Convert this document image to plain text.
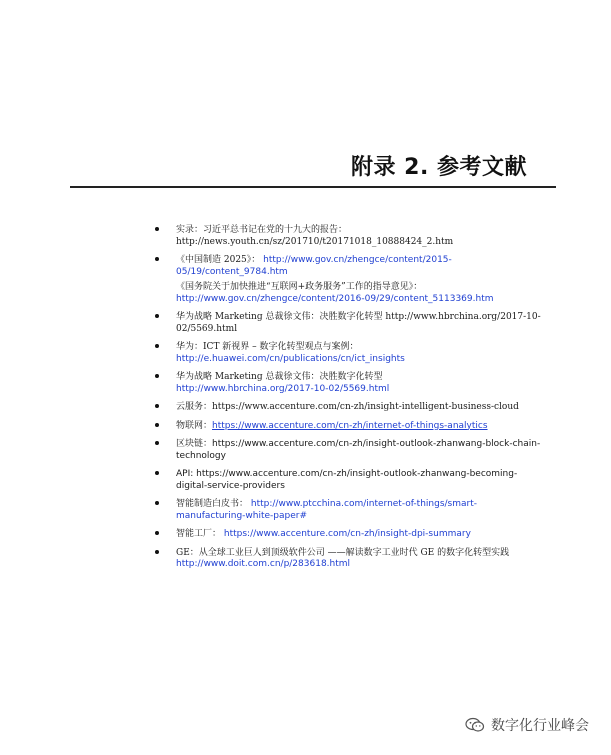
附录 2. 参考文献
实录：习近平总书记在党的十九大的报告：
http://news.youth.cn/sz/201710/t20171018_10888424_2.htm
《中国制造 2025》： http://www.gov.cn/zhengce/content/2015-05/19/content_9784.htm
《国务院关于加快推进“互联网+政务服务”工作的指导意见》：
http://www.gov.cn/zhengce/content/2016-09/29/content_5113369.htm
华为战略 Marketing 总裁徐文伟：决胜数字化转型 http://www.hbrchina.org/2017-10-02/5569.html
华为：ICT 新视界 – 数字化转型观点与案例：
http://e.huawei.com/cn/publications/cn/ict_insights
华为战略 Marketing 总裁徐文伟：决胜数字化转型
http://www.hbrchina.org/2017-10-02/5569.html
云服务：https://www.accenture.com/cn-zh/insight-intelligent-business-cloud
物联网：https://www.accenture.com/cn-zh/internet-of-things-analytics
区块链：https://www.accenture.com/cn-zh/insight-outlook-zhanwang-block-chain-technology
API: https://www.accenture.com/cn-zh/insight-outlook-zhanwang-becoming-digital-service-providers
智能制造白皮书： http://www.ptcchina.com/internet-of-things/smart-manufacturing-white-paper#
智能工厂： https://www.accenture.com/cn-zh/insight-dpi-summary
GE：从全球工业巨人到顶级软件公司 ——解读数字工业时代 GE 的数字化转型实践 http://www.doit.com.cn/p/283618.html
数字化行业峰会
